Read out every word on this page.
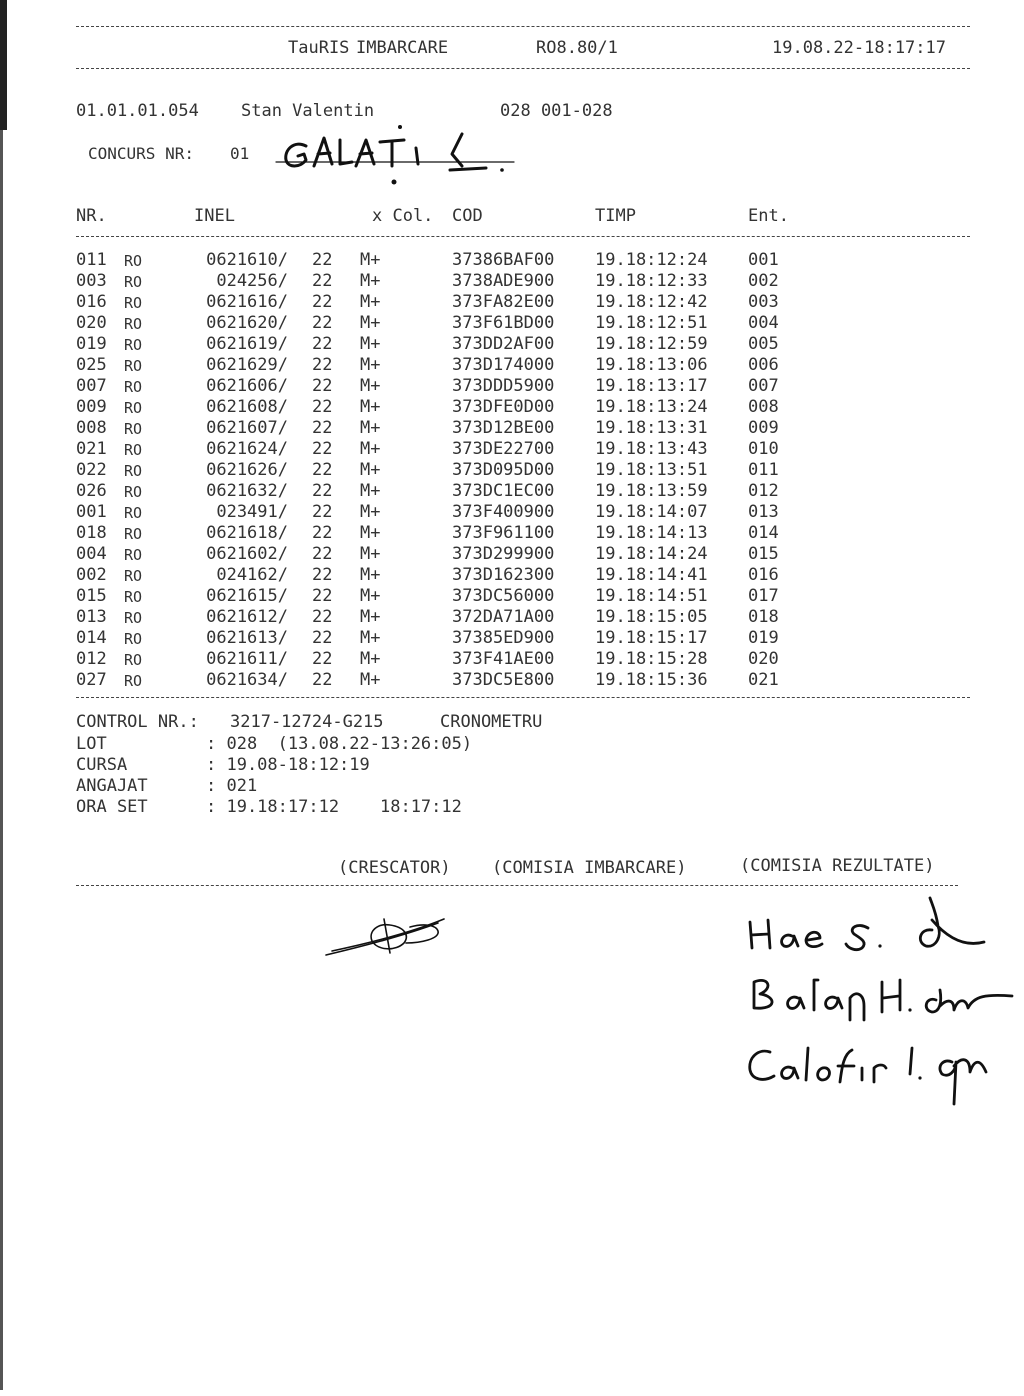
TauRIS IMBARCARE	RO8.80/1	19.08.22-18:17:17
01.01.01.054 Stan Valentin	028 001-028
CONCURS NR: 01
NR.	INEL	x Col. COD	TIMP	Ent.
011 RO	0621610/ 22 M+	37386BAF00 19.18:12:24 001
003 RO	024256/ 22 M+	3738ADE900 19.18:12:33 002
016 RO	0621616/ 22 M+	373FA82E00 19.18:12:42 003
020 RO	0621620/ 22 M+	373F61BD00 19.18:12:51 004
019 RO	0621619/ 22 M+	373DD2AF00 19.18:12:59 005
025 RO	0621629/ 22 M+	373D174000 19.18:13:06 006
007 RO	0621606/ 22 M+	373DDD5900 19.18:13:17 007
009 RO	0621608/ 22 M+	373DFE0D00 19.18:13:24 008
008 RO	0621607/ 22 M+	373D12BE00 19.18:13:31 009
021 RO	0621624/ 22 M+	373DE22700 19.18:13:43 010
022 RO	0621626/ 22 M+	373D095D00 19.18:13:51 011
026 RO	0621632/ 22 M+	373DC1EC00 19.18:13:59 012
001 RO	023491/ 22 M+	373F400900 19.18:14:07 013
018 RO	0621618/ 22 M+	373F961100 19.18:14:13 014
004 RO	0621602/ 22 M+	373D299900 19.18:14:24 015
002 RO	024162/ 22 M+	373D162300 19.18:14:41 016
015 RO	0621615/ 22 M+	373DC56000 19.18:14:51 017
013 RO	0621612/ 22 M+	372DA71A00 19.18:15:05 018
014 RO	0621613/ 22 M+	37385ED900 19.18:15:17 019
012 RO	0621611/ 22 M+	373F41AE00 19.18:15:28 020
027 RO	0621634/ 22 M+	373DC5E800 19.18:15:36 021
CONTROL NR.: 3217-12724-G215	CRONOMETRU
LOT	: 028  (13.08.22-13:26:05)
CURSA	: 19.08-18:12:19
ANGAJAT	: 021
ORA SET	: 19.18:17:12    18:17:12
(CRESCATOR) (COMISIA IMBARCARE)	(COMISIA REZULTATE)
